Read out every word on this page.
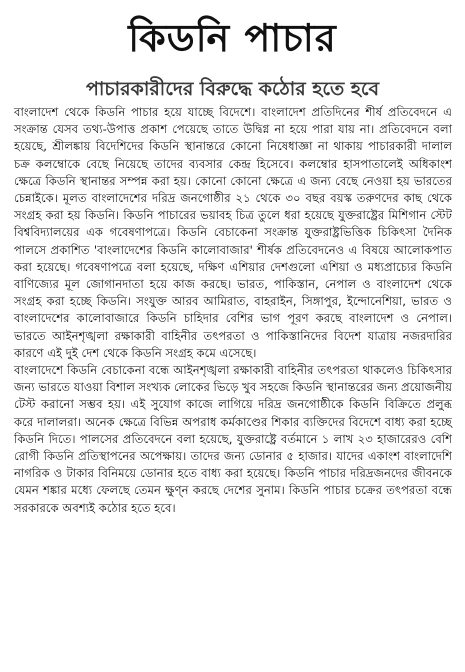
কিডনি পাচার
পাচারকারীদের বিরুদ্ধে কঠোর হতে হবে

বাংলাদেশ থেকে কিডনি পাচার হয়ে যাচ্ছে বিদেশে। বাংলাদেশ প্রতিদিনের শীর্ষ প্রতিবেদনে এ সংক্রান্ত যেসব তথ্য-উপাত্ত প্রকাশ পেয়েছে তাতে উদ্বিগ্ন না হয়ে পারা যায় না। প্রতিবেদনে বলা হয়েছে, শ্রীলঙ্কায় বিদেশিদের কিডনি স্থানান্তরে কোনো নিষেধাজ্ঞা না থাকায় পাচারকারী দালাল চক্র কলম্বোকে বেছে নিয়েছে তাদের ব্যবসার কেন্দ্র হিসেবে। কলম্বোর হাসপাতালেই অধিকাংশ ক্ষেত্রে কিডনি স্থানান্তর সম্পন্ন করা হয়। কোনো কোনো ক্ষেত্রে এ জন্য বেছে নেওয়া হয় ভারতের চেন্নাইকে। মূলত বাংলাদেশের দরিদ্র জনগোষ্ঠীর ২১ থেকে ৩০ বছর বয়স্ক তরুণদের কাছ থেকে সংগ্রহ করা হয় কিডনি। কিডনি পাচারের ভয়াবহ চিত্র তুলে ধরা হয়েছে যুক্তরাষ্ট্রের মিশিগান স্টেট বিশ্ববিদ্যালয়ের এক গবেষণাপত্রে। কিডনি বেচাকেনা সংক্রান্ত যুক্তরাষ্ট্রভিত্তিক চিকিৎসা দৈনিক পালসে প্রকাশিত 'বাংলাদেশের কিডনি কালোবাজার' শীর্ষক প্রতিবেদনেও এ বিষয়ে আলোকপাত করা হয়েছে। গবেষণাপত্রে বলা হয়েছে, দক্ষিণ এশিয়ার দেশগুলো এশিয়া ও মধ্যপ্রাচ্যের কিডনি বাণিজ্যের মূল জোগানদাতা হয়ে কাজ করছে। ভারত, পাকিস্তান, নেপাল ও বাংলাদেশ থেকে সংগ্রহ করা হচ্ছে কিডনি। সংযুক্ত আরব আমিরাত, বাহরাইন, সিঙ্গাপুর, ইন্দোনেশিয়া, ভারত ও বাংলাদেশের কালোবাজারে কিডনি চাহিদার বেশির ভাগ পূরণ করছে বাংলাদেশ ও নেপাল। ভারতে আইনশৃঙ্খলা রক্ষাকারী বাহিনীর তৎপরতা ও পাকিস্তানিদের বিদেশ যাত্রায় নজরদারির কারণে এই দুই দেশ থেকে কিডনি সংগ্রহ কমে এসেছে।

বাংলাদেশে কিডনি বেচাকেনা বন্ধে আইনশৃঙ্খলা রক্ষাকারী বাহিনীর তৎপরতা থাকলেও চিকিৎসার জন্য ভারতে যাওয়া বিশাল সংখ্যক লোকের ভিড়ে খুব সহজে কিডনি স্থানান্তরের জন্য প্রয়োজনীয় টেস্ট করানো সম্ভব হয়। এই সুযোগ কাজে লাগিয়ে দরিদ্র জনগোষ্ঠীকে কিডনি বিক্রিতে প্রলুব্ধ করে দালালরা। অনেক ক্ষেত্রে বিভিন্ন অপরাধ কর্মকাণ্ডের শিকার ব্যক্তিদের বিদেশে বাধ্য করা হচ্ছে কিডনি দিতে। পালসের প্রতিবেদনে বলা হয়েছে, যুক্তরাষ্ট্রে বর্তমানে ১ লাখ ২৩ হাজারেরও বেশি রোগী কিডনি প্রতিস্থাপনের অপেক্ষায়। তাদের জন্য ডোনার ৫ হাজার। যাদের একাংশ বাংলাদেশি নাগরিক ও টাকার বিনিময়ে ডোনার হতে বাধ্য করা হয়েছে। কিডনি পাচার দরিদ্রজনদের জীবনকে যেমন শঙ্কার মধ্যে ফেলছে তেমন ক্ষুণ্ন করছে দেশের সুনাম। কিডনি পাচার চক্রের তৎপরতা বন্ধে সরকারকে অবশ্যই কঠোর হতে হবে।
